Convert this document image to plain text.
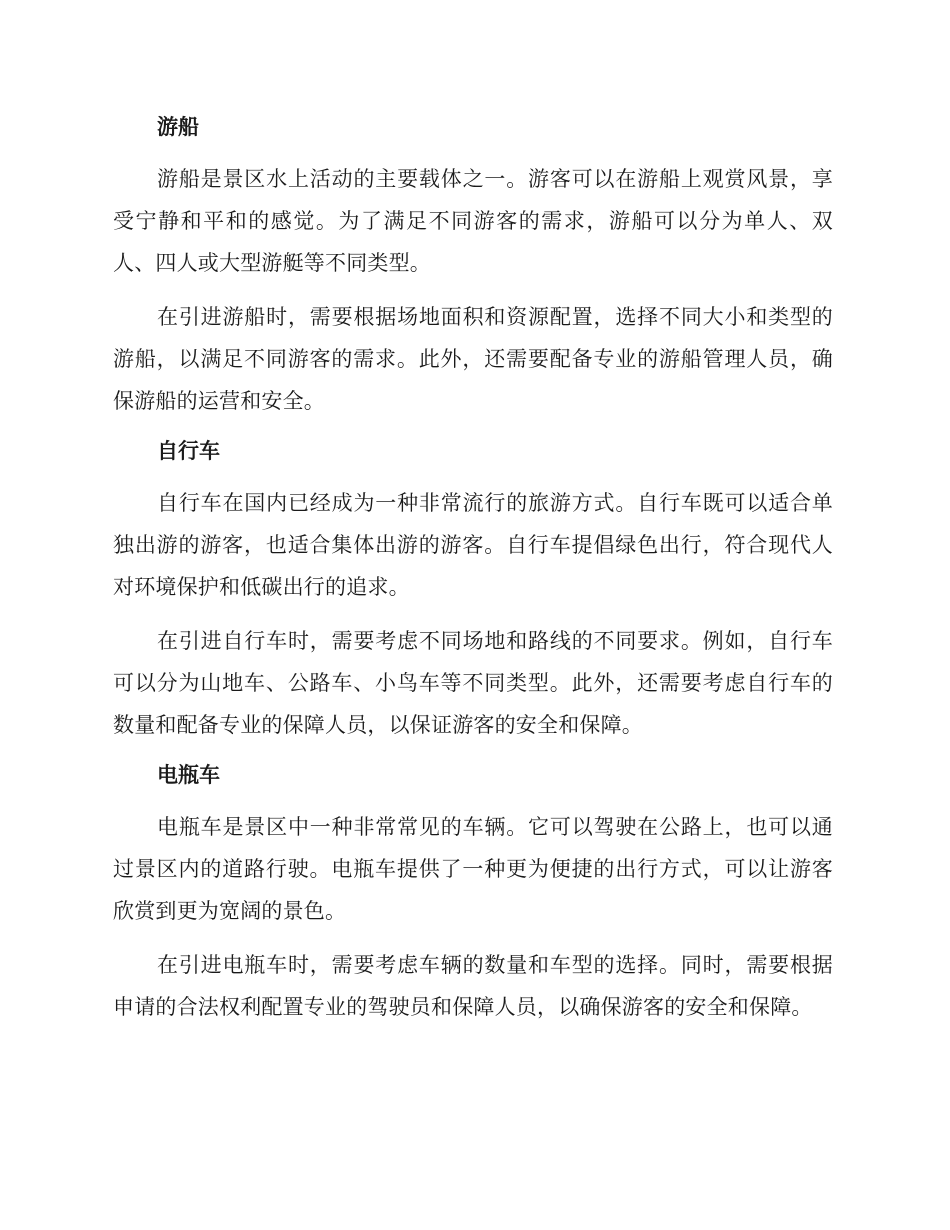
游船

游船是景区水上活动的主要载体之一。游客可以在游船上观赏风景，享受宁静和平和的感觉。为了满足不同游客的需求，游船可以分为单人、双人、四人或大型游艇等不同类型。

在引进游船时，需要根据场地面积和资源配置，选择不同大小和类型的游船，以满足不同游客的需求。此外，还需要配备专业的游船管理人员，确保游船的运营和安全。

自行车

自行车在国内已经成为一种非常流行的旅游方式。自行车既可以适合单独出游的游客，也适合集体出游的游客。自行车提倡绿色出行，符合现代人对环境保护和低碳出行的追求。

在引进自行车时，需要考虑不同场地和路线的不同要求。例如，自行车可以分为山地车、公路车、小鸟车等不同类型。此外，还需要考虑自行车的数量和配备专业的保障人员，以保证游客的安全和保障。

电瓶车

电瓶车是景区中一种非常常见的车辆。它可以驾驶在公路上，也可以通过景区内的道路行驶。电瓶车提供了一种更为便捷的出行方式，可以让游客欣赏到更为宽阔的景色。

在引进电瓶车时，需要考虑车辆的数量和车型的选择。同时，需要根据申请的合法权利配置专业的驾驶员和保障人员，以确保游客的安全和保障。
